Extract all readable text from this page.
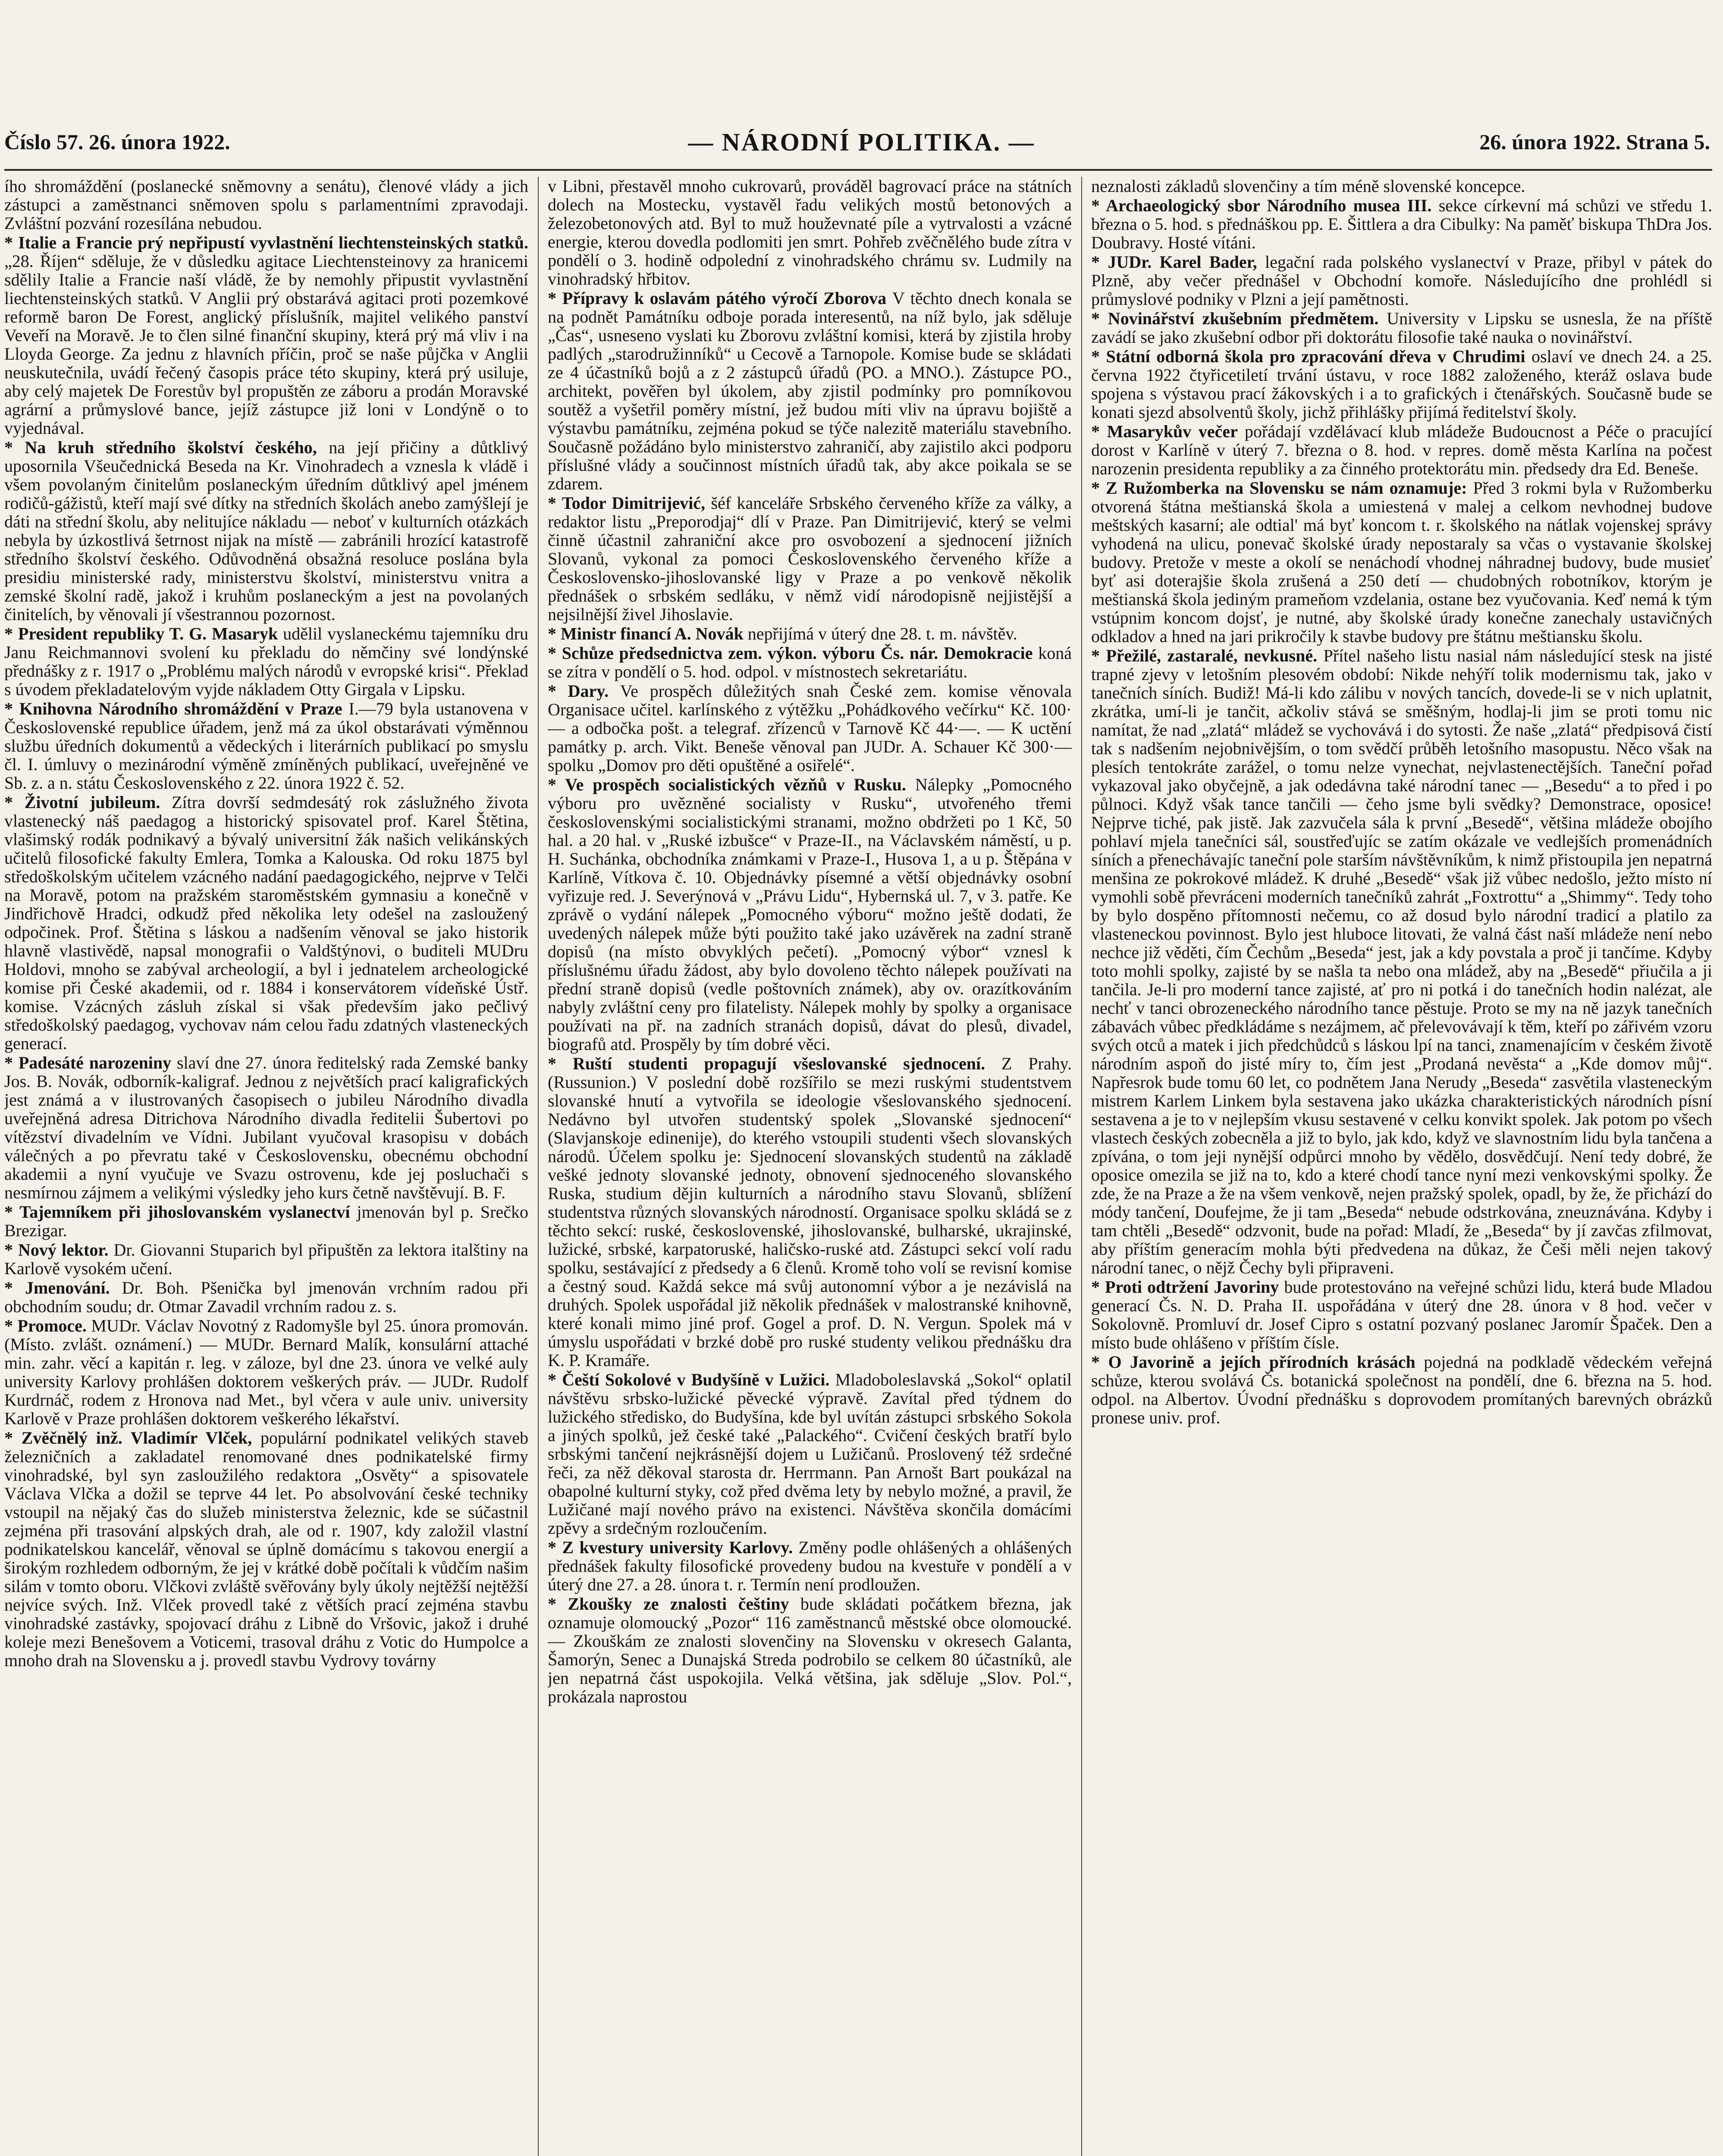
Číslo 57. 26. února 1922.	— NÁRODNÍ POLITIKA. —	26. února 1922. Strana 5.

ího shromáždění (poslanecké sněmovny a senátu), členové vlády a jich zástupci a zaměstnanci sněmoven spolu s parlamentními zpravodaji. Zvláštní pozvání rozesílána nebudou.

* Italie a Francie prý nepřipustí vyvlastnění liechtensteinských statků. „28. Říjen“ sděluje, že v důsledku agitace Liechtensteinovy za hranicemi sdělily Italie a Francie naší vládě, že by nemohly připustit vyvlastnění liechtensteinských statků. V Anglii prý obstarává agitaci proti pozemkové reformě baron De Forest, anglický příslušník, majitel velikého panství Veveří na Moravě. Je to člen silné finanční skupiny, která prý má vliv i na Lloyda George. Za jednu z hlavních příčin, proč se naše půjčka v Anglii neuskutečnila, uvádí řečený časopis práce této skupiny, která prý usiluje, aby celý majetek De Forestův byl propuštěn ze záboru a prodán Moravské agrární a průmyslové bance, jejíž zástupce již loni v Londýně o to vyjednával.

* Na kruh středního školství českého, na její přičiny a důtklivý uposornila Všeučednická Beseda na Kr. Vinohradech a vznesla k vládě i všem povolaným činitelům poslaneckým úředním důtklivý apel jménem rodičů-gážistů, kteří mají své dítky na středních školách anebo zamýšlejí je dáti na střední školu, aby nelitujíce nákladu — neboť v kulturních otázkách nebyla by úzkostlivá šetrnost nijak na místě — zabránili hrozící katastrofě středního školství českého. Odůvodněná obsažná resoluce poslána byla presidiu ministerské rady, ministerstvu školství, ministerstvu vnitra a zemské školní radě, jakož i kruhům poslaneckým a jest na povolaných činitelích, by věnovali jí všestrannou pozornost.

* President republiky T. G. Masaryk udělil vyslaneckému tajemníku dru Janu Reichmannovi svolení ku překladu do němčiny své londýnské přednášky z r. 1917 o „Problému malých národů v evropské krisi“. Překlad s úvodem překladatelovým vyjde nákladem Otty Girgala v Lipsku.

* Knihovna Národního shromáždění v Praze I.—79 byla ustanovena v Československé republice úřadem, jenž má za úkol obstarávati výměnnou službu úředních dokumentů a vědeckých i literárních publikací po smyslu čl. I. úmluvy o mezinárodní výměně zmíněných publikací, uveřejněné ve Sb. z. a n. státu Československého z 22. února 1922 č. 52.

* Životní jubileum. Zítra dovrší sedmdesátý rok záslužného života vlastenecký náš paedagog a historický spisovatel prof. Karel Štětina, vlašimský rodák podnikavý a bývalý universitní žák našich velikánských učitelů filosofické fakulty Emlera, Tomka a Kalouska. Od roku 1875 byl středoškolským učitelem vzácného nadání paedagogického, nejprve v Telči na Moravě, potom na pražském staroměstském gymnasiu a konečně v Jindřichově Hradci, odkudž před několika lety odešel na zasloužený odpočinek. Prof. Štětina s láskou a nadšením věnoval se jako historik hlavně vlastivědě, napsal monografii o Valdštýnovi, o buditeli MUDru Holdovi, mnoho se zabýval archeologií, a byl i jednatelem archeologické komise při České akademii, od r. 1884 i konservátorem vídeňské Ústř. komise. Vzácných zásluh získal si však především jako pečlivý středoškolský paedagog, vychovav nám celou řadu zdatných vlasteneckých generací.

* Padesáté narozeniny slaví dne 27. února ředitelský rada Zemské banky Jos. B. Novák, odborník-kaligraf. Jednou z největších prací kaligrafických jest známá a v ilustrovaných časopisech o jubileu Národního divadla uveřejněná adresa Ditrichova Národního divadla ředitelii Šubertovi po vítězství divadelním ve Vídni. Jubilant vyučoval krasopisu v dobách válečných a po převratu také v Československu, obecnému obchodní akademii a nyní vyučuje ve Svazu ostrovenu, kde jej posluchači s nesmírnou zájmem a velikými výsledky jeho kurs četně navštěvují. B. F.

* Tajemníkem při jihoslovanském vyslanectví jmenován byl p. Srečko Brezigar.

* Nový lektor. Dr. Giovanni Stuparich byl připuštěn za lektora italštiny na Karlově vysokém učení.

* Jmenování. Dr. Boh. Pšenička byl jmenován vrchním radou při obchodním soudu; dr. Otmar Zavadil vrchním radou z. s.

* Promoce. MUDr. Václav Novotný z Radomyšle byl 25. února promován. (Místo. zvlášt. oznámení.) — MUDr. Bernard Malík, konsulární attaché min. zahr. věcí a kapitán r. leg. v záloze, byl dne 23. února ve velké auly university Karlovy prohlášen doktorem veškerých práv. — JUDr. Rudolf Kurdrnáč, rodem z Hronova nad Met., byl včera v aule univ. university Karlově v Praze prohlášen doktorem veškerého lékařství.

* Zvěčnělý inž. Vladimír Vlček, populární podnikatel velikých staveb železničních a zakladatel renomované dnes podnikatelské firmy vinohradské, byl syn zasloužilého redaktora „Osvěty“ a spisovatele Václava Vlčka a dožil se teprve 44 let. Po absolvování české techniky vstoupil na nějaký čas do služeb ministerstva železnic, kde se súčastnil zejména při trasování alpských drah, ale od r. 1907, kdy založil vlastní podnikatelskou kancelář, věnoval se úplně domácímu s takovou energií a širokým rozhledem odborným, že jej v krátké době počítali k vůdčím našim silám v tomto oboru. Vlčkovi zvláště svěřovány byly úkoly nejtěžší nejtěžší nejvíce svých. Inž. Vlček provedl také z větších prací zejména stavbu vinohradské zastávky, spojovací dráhu z Libně do Vršovic, jakož i druhé koleje mezi Benešovem a Voticemi, trasoval dráhu z Votic do Humpolce a mnoho drah na Slovensku a j. provedl stavbu Vydrovy továrny

v Libni, přestavěl mnoho cukrovarů, prováděl bagrovací práce na státních dolech na Mostecku, vystavěl řadu velikých mostů betonových a železobetonových atd. Byl to muž houževnaté píle a vytrvalosti a vzácné energie, kterou dovedla podlomiti jen smrt. Pohřeb zvěčnělého bude zítra v pondělí o 3. hodině odpolední z vinohradského chrámu sv. Ludmily na vinohradský hřbitov.

* Přípravy k oslavám pátého výročí Zborova V těchto dnech konala se na podnět Památníku odboje porada interesentů, na níž bylo, jak sděluje „Čas“, usneseno vyslati ku Zborovu zvláštní komisi, která by zjistila hroby padlých „starodružinníků“ u Cecově a Tarnopole. Komise bude se skládati ze 4 účastníků bojů a z 2 zástupců úřadů (PO. a MNO.). Zástupce PO., architekt, pověřen byl úkolem, aby zjistil podmínky pro pomníkovou soutěž a vyšetřil poměry místní, jež budou míti vliv na úpravu bojiště a výstavbu památníku, zejména pokud se týče nalezitě materiálu stavebního. Současně požádáno bylo ministerstvo zahraničí, aby zajistilo akci podporu příslušné vlády a součinnost místních úřadů tak, aby akce poikala se se zdarem.

* Todor Dimitrijević, šéf kanceláře Srbského červeného kříže za války, a redaktor listu „Preporodjaj“ dlí v Praze. Pan Dimitrijević, který se velmi činně účastnil zahraniční akce pro osvobození a sjednocení jižních Slovanů, vykonal za pomoci Československého červeného kříže a Československo-jihoslovanské ligy v Praze a po venkově několik přednášek o srbském sedláku, v němž vidí národopisně nejjistější a nejsilnější živel Jihoslavie.

* Ministr financí A. Novák nepřijímá v úterý dne 28. t. m. návštěv.

* Schůze předsednictva zem. výkon. výboru Čs. nár. Demokracie koná se zítra v pondělí o 5. hod. odpol. v místnostech sekretariátu.

* Dary. Ve prospěch důležitých snah České zem. komise věnovala Organisace učitel. karlínského z výtěžku „Pohádkového večírku“ Kč. 100·— a odbočka pošt. a telegraf. zřízenců v Tarnově Kč 44·—. — K uctění památky p. arch. Vikt. Beneše věnoval pan JUDr. A. Schauer Kč 300·— spolku „Domov pro děti opuštěné a osiřelé“.

* Ve prospěch socialistických vězňů v Rusku. Nálepky „Pomocného výboru pro uvězněné socialisty v Rusku“, utvořeného třemi československými socialistickými stranami, možno obdržeti po 1 Kč, 50 hal. a 20 hal. v „Ruské izbušce“ v Praze-II., na Václavském náměstí, u p. H. Suchánka, obchodníka známkami v Praze-I., Husova 1, a u p. Štěpána v Karlíně, Vítkova č. 10. Objednávky písemné a větší objednávky osobní vyřizuje red. J. Severýnová v „Právu Lidu“, Hybernská ul. 7, v 3. patře. Ke zprávě o vydání nálepek „Pomocného výboru“ možno ještě dodati, že uvedených nálepek může býti použito také jako uzávěrek na zadní straně dopisů (na místo obvyklých pečetí). „Pomocný výbor“ vznesl k příslušnému úřadu žádost, aby bylo dovoleno těchto nálepek používati na přední straně dopisů (vedle poštovních známek), aby ov. orazítkováním nabyly zvláštní ceny pro filatelisty. Nálepek mohly by spolky a organisace používati na př. na zadních stranách dopisů, dávat do plesů, divadel, biografů atd. Prospěly by tím dobré věci.

* Ruští studenti propagují všeslovanské sjednocení. Z Prahy. (Russunion.) V poslední době rozšířilo se mezi ruskými studentstvem slovanské hnutí a vytvořila se ideologie všeslovanského sjednocení. Nedávno byl utvořen studentský spolek „Slovanské sjednocení“ (Slavjanskoje edinenije), do kterého vstoupili studenti všech slovanských národů. Účelem spolku je: Sjednocení slovanských studentů na základě vešké jednoty slovanské jednoty, obnovení sjednoceného slovanského Ruska, studium dějin kulturních a národního stavu Slovanů, sblížení studentstva různých slovanských národností. Organisace spolku skládá se z těchto sekcí: ruské, československé, jihoslovanské, bulharské, ukrajinské, lužické, srbské, karpatoruské, haličsko-ruské atd. Zástupci sekcí volí radu spolku, sestávající z předsedy a 6 členů. Kromě toho volí se revisní komise a čestný soud. Každá sekce má svůj autonomní výbor a je nezávislá na druhých. Spolek uspořádal již několik přednášek v malostranské knihovně, které konali mimo jiné prof. Gogel a prof. D. N. Vergun. Spolek má v úmyslu uspořádati v brzké době pro ruské studenty velikou přednášku dra K. P. Kramáře.

* Čeští Sokolové v Budyšíně v Lužici. Mladoboleslavská „Sokol“ oplatil návštěvu srbsko-lužické pěvecké výpravě. Zavítal před týdnem do lužického středisko, do Budyšína, kde byl uvítán zástupci srbského Sokola a jiných spolků, jež české také „Palackého“. Cvičení českých bratří bylo srbskými tančení nejkrásnější dojem u Lužičanů. Proslovený též srdečné řeči, za něž děkoval starosta dr. Herrmann. Pan Arnošt Bart poukázal na obapolné kulturní styky, což před dvěma lety by nebylo možné, a pravil, že Lužičané mají nového právo na existenci. Návštěva skončila domácími zpěvy a srdečným rozloučením.

* Z kvestury university Karlovy. Změny podle ohlášených a ohlášených přednášek fakulty filosofické provedeny budou na kvestuře v pondělí a v úterý dne 27. a 28. února t. r. Termín není prodloužen.

* Zkoušky ze znalosti češtiny bude skládati počátkem března, jak oznamuje olomoucký „Pozor“ 116 zaměstnanců městské obce olomoucké. — Zkouškám ze znalosti slovenčiny na Slovensku v okresech Galanta, Šamorýn, Senec a Dunajská Streda podrobilo se celkem 80 účastníků, ale jen nepatrná část uspokojila. Velká většina, jak sděluje „Slov. Pol.“, prokázala naprostou

neznalosti základů slovenčiny a tím méně slovenské koncepce.

* Archaeologický sbor Národního musea III. sekce církevní má schůzi ve středu 1. března o 5. hod. s přednáškou pp. E. Šittlera a dra Cibulky: Na paměť biskupa ThDra Jos. Doubravy. Hosté vítáni.

* JUDr. Karel Bader, legační rada polského vyslanectví v Praze, přibyl v pátek do Plzně, aby večer přednášel v Obchodní komoře. Následujícího dne prohlédl si průmyslové podniky v Plzni a její pamětnosti.

* Novinářství zkušebním předmětem. University v Lipsku se usnesla, že na příště zavádí se jako zkušební odbor při doktorátu filosofie také nauka o novinářství.

* Státní odborná škola pro zpracování dřeva v Chrudimi oslaví ve dnech 24. a 25. června 1922 čtyřicetiletí trvání ústavu, v roce 1882 založeného, kteráž oslava bude spojena s výstavou prací žákovských i a to grafických i čtenářských. Současně bude se konati sjezd absolventů školy, jichž přihlášky přijímá ředitelství školy.

* Masarykův večer pořádají vzdělávací klub mládeže Budoucnost a Péče o pracující dorost v Karlíně v úterý 7. března o 8. hod. v repres. domě města Karlína na počest narozenin presidenta republiky a za činného protektorátu min. předsedy dra Ed. Beneše.

* Z Ružomberka na Slovensku se nám oznamuje: Před 3 rokmi byla v Ružomberku otvorená štátna meštianská škola a umiestená v malej a celkom nevhodnej budove meštských kasarní; ale odtial' má byť koncom t. r. školského na nátlak vojenskej správy vyhodená na ulicu, ponevač školské úrady nepostaraly sa včas o vystavanie školskej budovy. Pretože v meste a okolí se nenáchodí vhodnej náhradnej budovy, bude musieť byť asi doterajšie škola zrušená a 250 detí — chudobných robotníkov, ktorým je meštianská škola jediným prameňom vzdelania, ostane bez vyučovania. Keď nemá k tým vstúpnim koncom dojsť, je nutné, aby školské úrady konečne zanechaly ustavičných odkladov a hned na jari prikročily k stavbe budovy pre štátnu meštiansku školu.

* Přežilé, zastaralé, nevkusné. Přítel našeho listu nasial nám následující stesk na jisté trapné zjevy v letošním plesovém období: Nikde nehýří tolik modernismu tak, jako v tanečních síních. Budiž! Má-li kdo zálibu v nových tancích, dovede-li se v nich uplatnit, zkrátka, umí-li je tančit, ačkoliv stává se směšným, hodlaj-li jim se proti tomu nic namítat, že nad „zlatá“ mládež se vychovává i do sytosti. Že naše „zlatá“ předpisová čistí tak s nadšením nejobnivějším, o tom svědčí průběh letošního masopustu. Něco však na plesích tentokráte zarážel, o tomu nelze vynechat, nejvlastenectějších. Taneční pořad vykazoval jako obyčejně, a jak odedávna také národní tanec — „Besedu“ a to před i po půlnoci. Když však tance tančili — čeho jsme byli svědky? Demonstrace, oposice! Nejprve tiché, pak jistě. Jak zazvučela sála k první „Besedě“, většina mládeže obojího pohlaví mjela tanečníci sál, soustřeďujíc se zatím okázale ve vedlejších promenádních síních a přenechávajíc taneční pole starším návštěvníkům, k nimž přistoupila jen nepatrná menšina ze pokrokové mládež. K druhé „Besedě“ však již vůbec nedošlo, ježto místo ní vymohli sobě převráceni moderních tanečníků zahrát „Foxtrottu“ a „Shimmy“. Tedy toho by bylo dospěno přítomnosti nečemu, co až dosud bylo národní tradicí a platilo za vlasteneckou povinnost. Bylo jest hluboce litovati, že valná část naší mládeže není nebo nechce již věděti, čím Čechům „Beseda“ jest, jak a kdy povstala a proč ji tančíme. Kdyby toto mohli spolky, zajisté by se našla ta nebo ona mládež, aby na „Besedě“ přiučila a ji tančila. Je-li pro moderní tance zajisté, ať pro ni potká i do tanečních hodin nalézat, ale nechť v tanci obrozeneckého národního tance pěstuje. Proto se my na ně jazyk tanečních zábavách vůbec předkládáme s nezájmem, ač přelevovávají k těm, kteří po zářivém vzoru svých otců a matek i jich předchůdců s láskou lpí na tanci, znamenajícím v českém životě národním aspoň do jisté míry to, čím jest „Prodaná nevěsta“ a „Kde domov můj“. Napřesrok bude tomu 60 let, co podnětem Jana Nerudy „Beseda“ zasvětila vlasteneckým mistrem Karlem Linkem byla sestavena jako ukázka charakteristických národních písní sestavena a je to v nejlepším vkusu sestavené v celku konvikt spolek. Jak potom po všech vlastech českých zobecněla a již to bylo, jak kdo, když ve slavnostním lidu byla tančena a zpívána, o tom jeji nynější odpůrci mnoho by vědělo, dosvědčují. Není tedy dobré, že oposice omezila se již na to, kdo a které chodí tance nyní mezi venkovskými spolky. Že zde, že na Praze a že na všem venkově, nejen pražský spolek, opadl, by že, že přichází do módy tančení, Doufejme, že ji tam „Beseda“ nebude odstrkována, zneuznávána. Kdyby i tam chtěli „Besedě“ odzvonit, bude na pořad: Mladí, že „Beseda“ by jí zavčas zfilmovat, aby příštím generacím mohla býti předvedena na důkaz, že Češi měli nejen takový národní tanec, o nějž Čechy byli připraveni.

* Proti odtržení Javoriny bude protestováno na veřejné schůzi lidu, která bude Mladou generací Čs. N. D. Praha II. uspořádána v úterý dne 28. února v 8 hod. večer v Sokolovně. Promluví dr. Josef Cipro s ostatní pozvaný poslanec Jaromír Špaček. Den a místo bude ohlášeno v příštím čísle.

* O Javorině a jejích přírodních krásách pojedná na podkladě vědeckém veřejná schůze, kterou svolává Čs. botanická společnost na pondělí, dne 6. března na 5. hod. odpol. na Albertov. Úvodní přednášku s doprovodem promítaných barevných obrázků pronese univ. prof.
